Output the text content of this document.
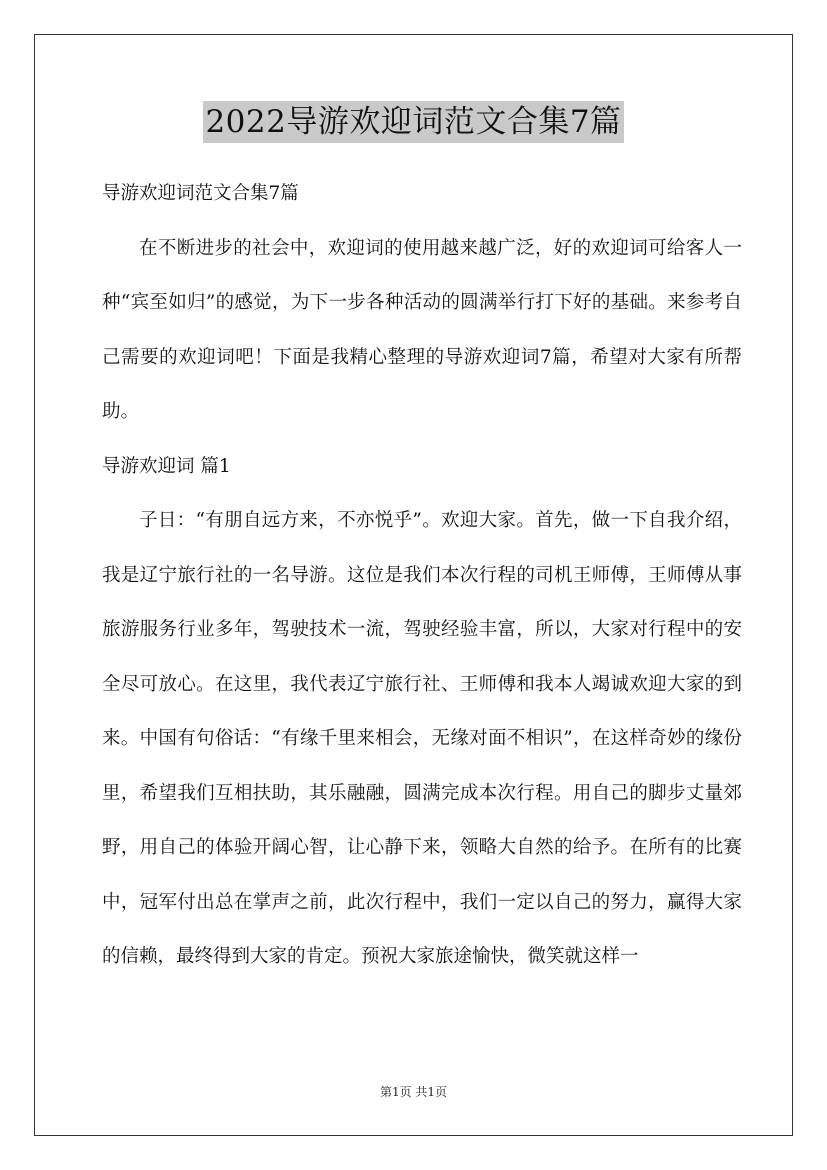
2022导游欢迎词范文合集7篇

导游欢迎词范文合集7篇

在不断进步的社会中，欢迎词的使用越来越广泛，好的欢迎词可给客人一种“宾至如归”的感觉，为下一步各种活动的圆满举行打下好的基础。来参考自己需要的欢迎词吧！下面是我精心整理的导游欢迎词7篇，希望对大家有所帮助。

导游欢迎词 篇1

子日：“有朋自远方来，不亦悦乎”。欢迎大家。首先，做一下自我介绍，我是辽宁旅行社的一名导游。这位是我们本次行程的司机王师傅，王师傅从事旅游服务行业多年，驾驶技术一流，驾驶经验丰富，所以，大家对行程中的安全尽可放心。在这里，我代表辽宁旅行社、王师傅和我本人竭诚欢迎大家的到来。中国有句俗话：“有缘千里来相会，无缘对面不相识”，在这样奇妙的缘份里，希望我们互相扶助，其乐融融，圆满完成本次行程。用自己的脚步丈量郊野，用自己的体验开阔心智，让心静下来，领略大自然的给予。在所有的比赛中，冠军付出总在掌声之前，此次行程中，我们一定以自己的努力，赢得大家的信赖，最终得到大家的肯定。预祝大家旅途愉快，微笑就这样一

第1页 共1页
